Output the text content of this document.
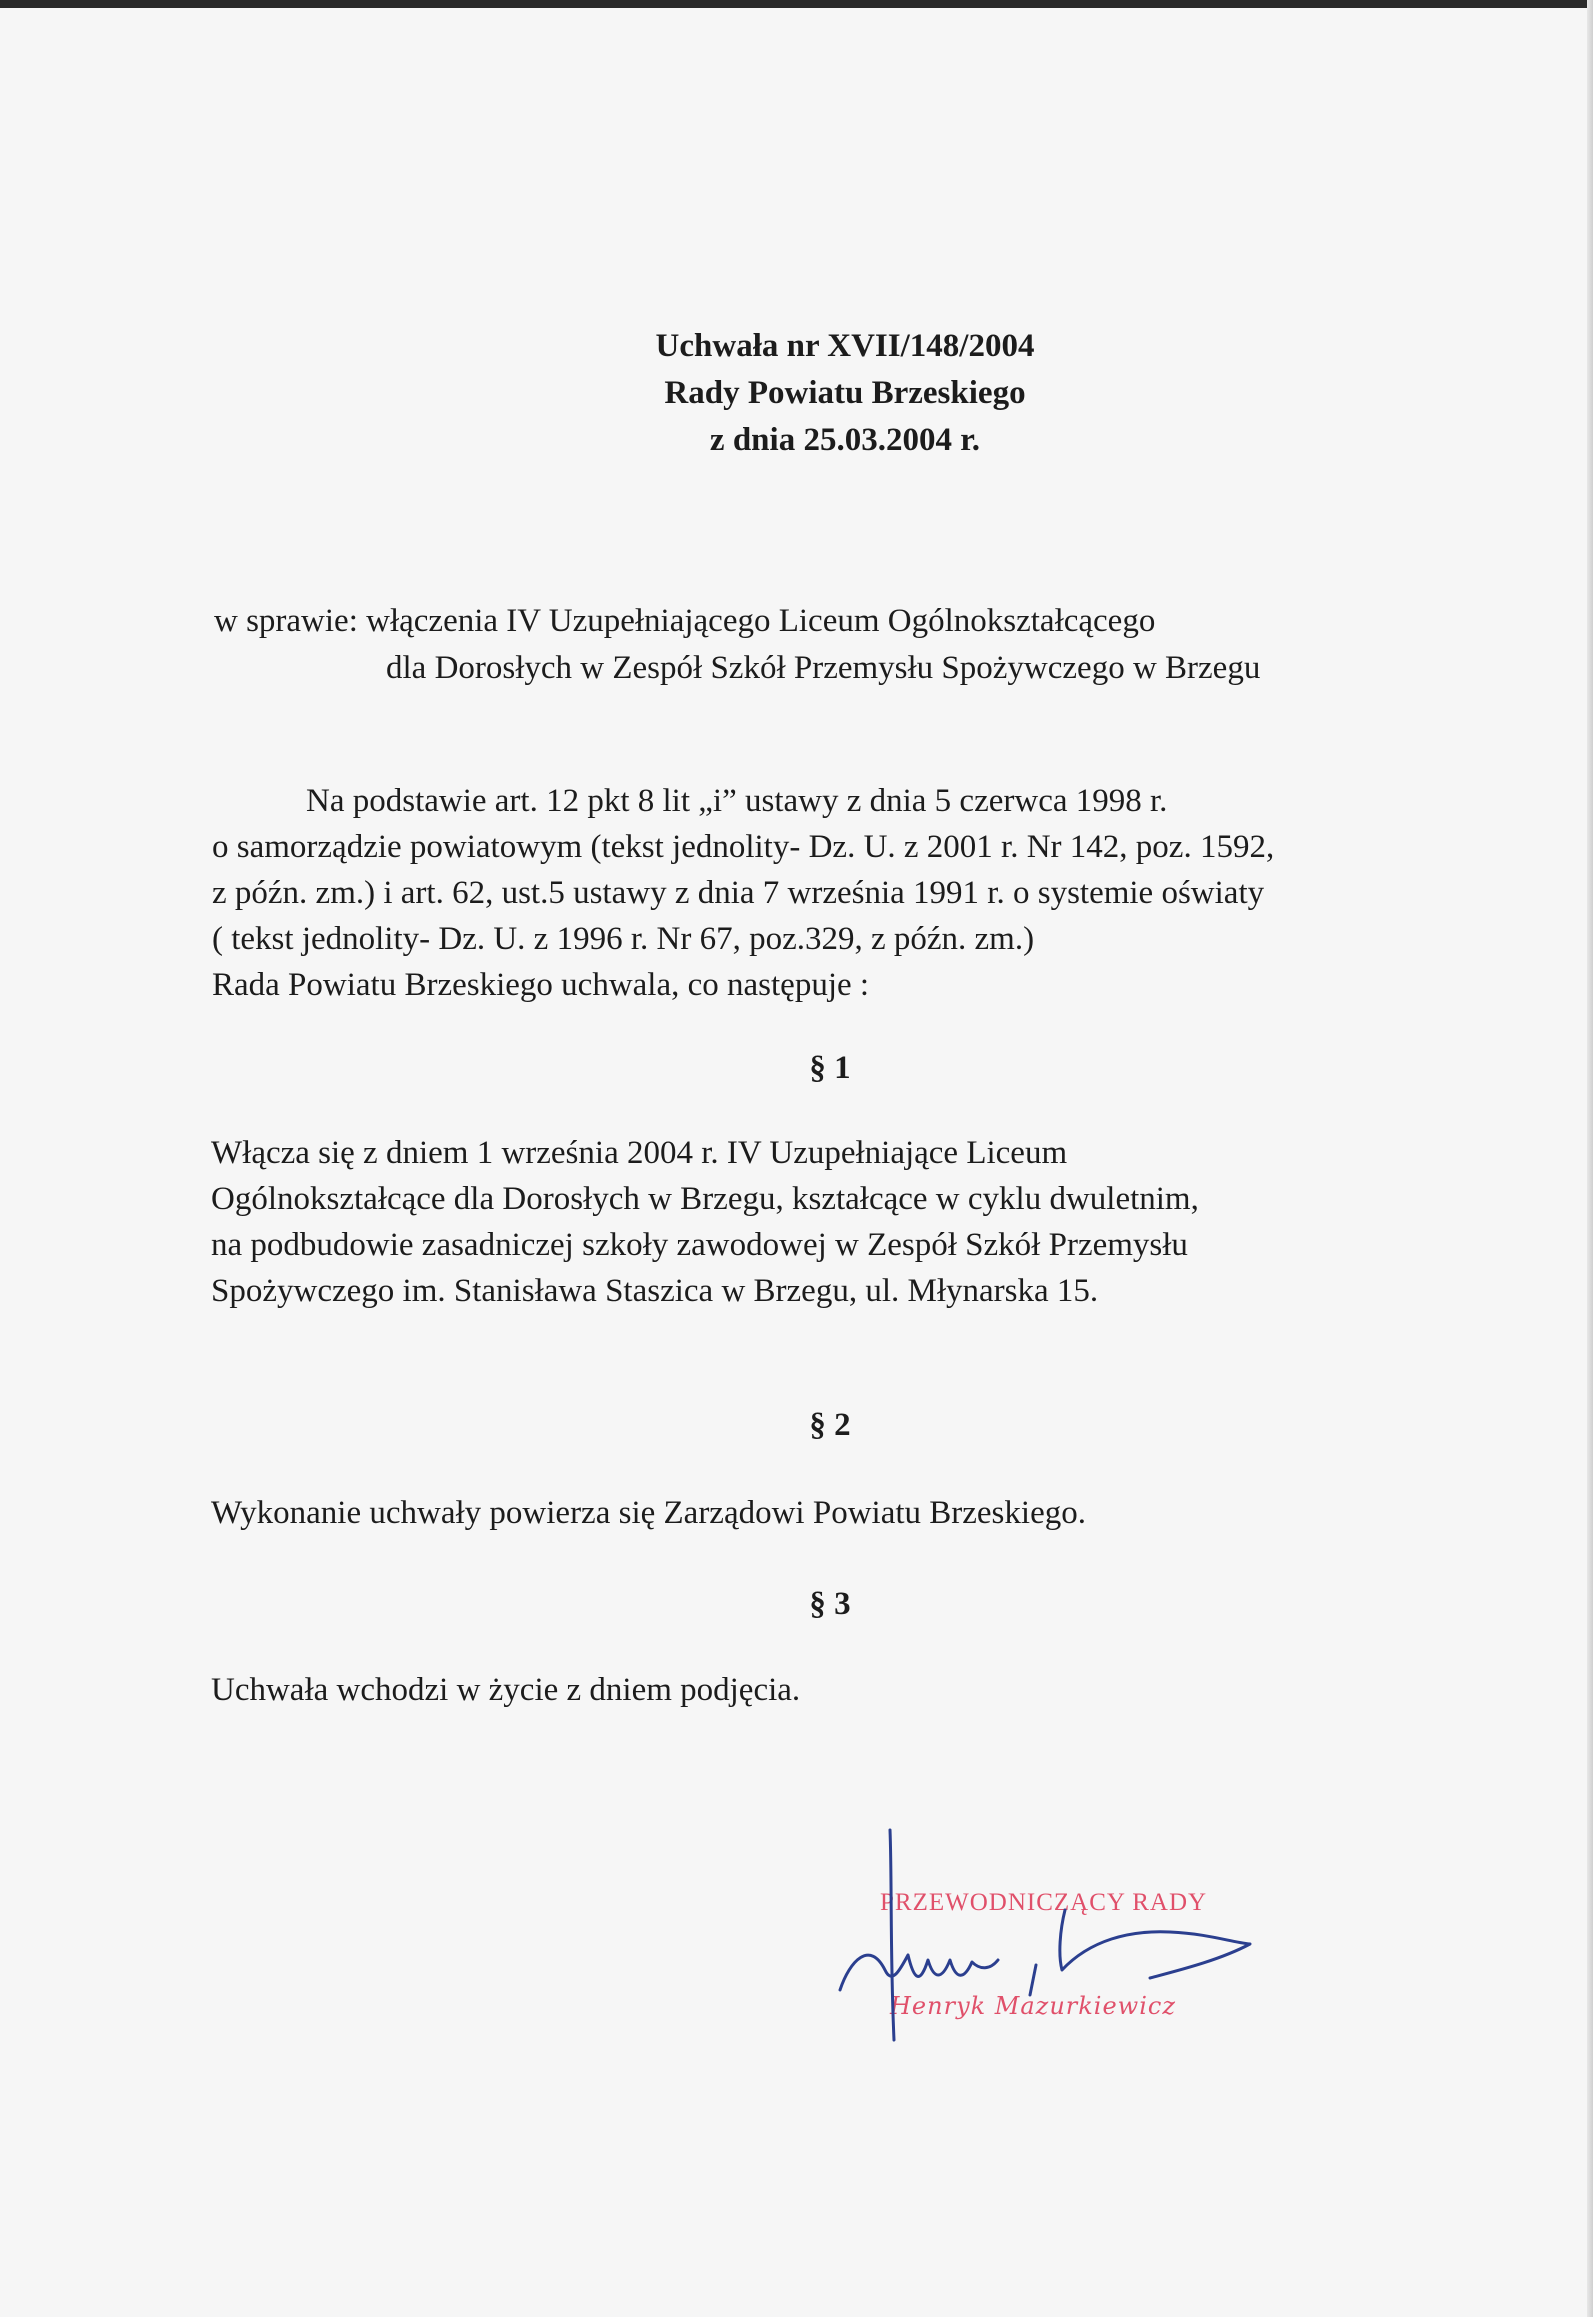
Uchwała nr XVII/148/2004
Rady Powiatu Brzeskiego
z dnia 25.03.2004 r.
w sprawie: włączenia IV Uzupełniającego Liceum Ogólnokształcącego
dla Dorosłych w Zespół Szkół Przemysłu Spożywczego w Brzegu
Na podstawie art. 12 pkt 8 lit „i” ustawy z dnia 5 czerwca 1998 r.
o samorządzie powiatowym (tekst jednolity- Dz. U. z 2001 r. Nr 142, poz. 1592,
z późn. zm.) i art. 62, ust.5 ustawy z dnia 7 września 1991 r. o systemie oświaty
( tekst jednolity- Dz. U. z 1996 r. Nr 67, poz.329, z późn. zm.)
Rada Powiatu Brzeskiego uchwala, co następuje :
§ 1
Włącza się z dniem 1 września 2004 r. IV Uzupełniające Liceum
Ogólnokształcące dla Dorosłych w Brzegu, kształcące w cyklu dwuletnim,
na podbudowie zasadniczej szkoły zawodowej w Zespół Szkół Przemysłu
Spożywczego im. Stanisława Staszica w Brzegu, ul. Młynarska 15.
§ 2
Wykonanie uchwały powierza się Zarządowi Powiatu Brzeskiego.
§ 3
Uchwała wchodzi w życie z dniem podjęcia.
PRZEWODNICZĄCY RADY
Henryk Mazurkiewicz
